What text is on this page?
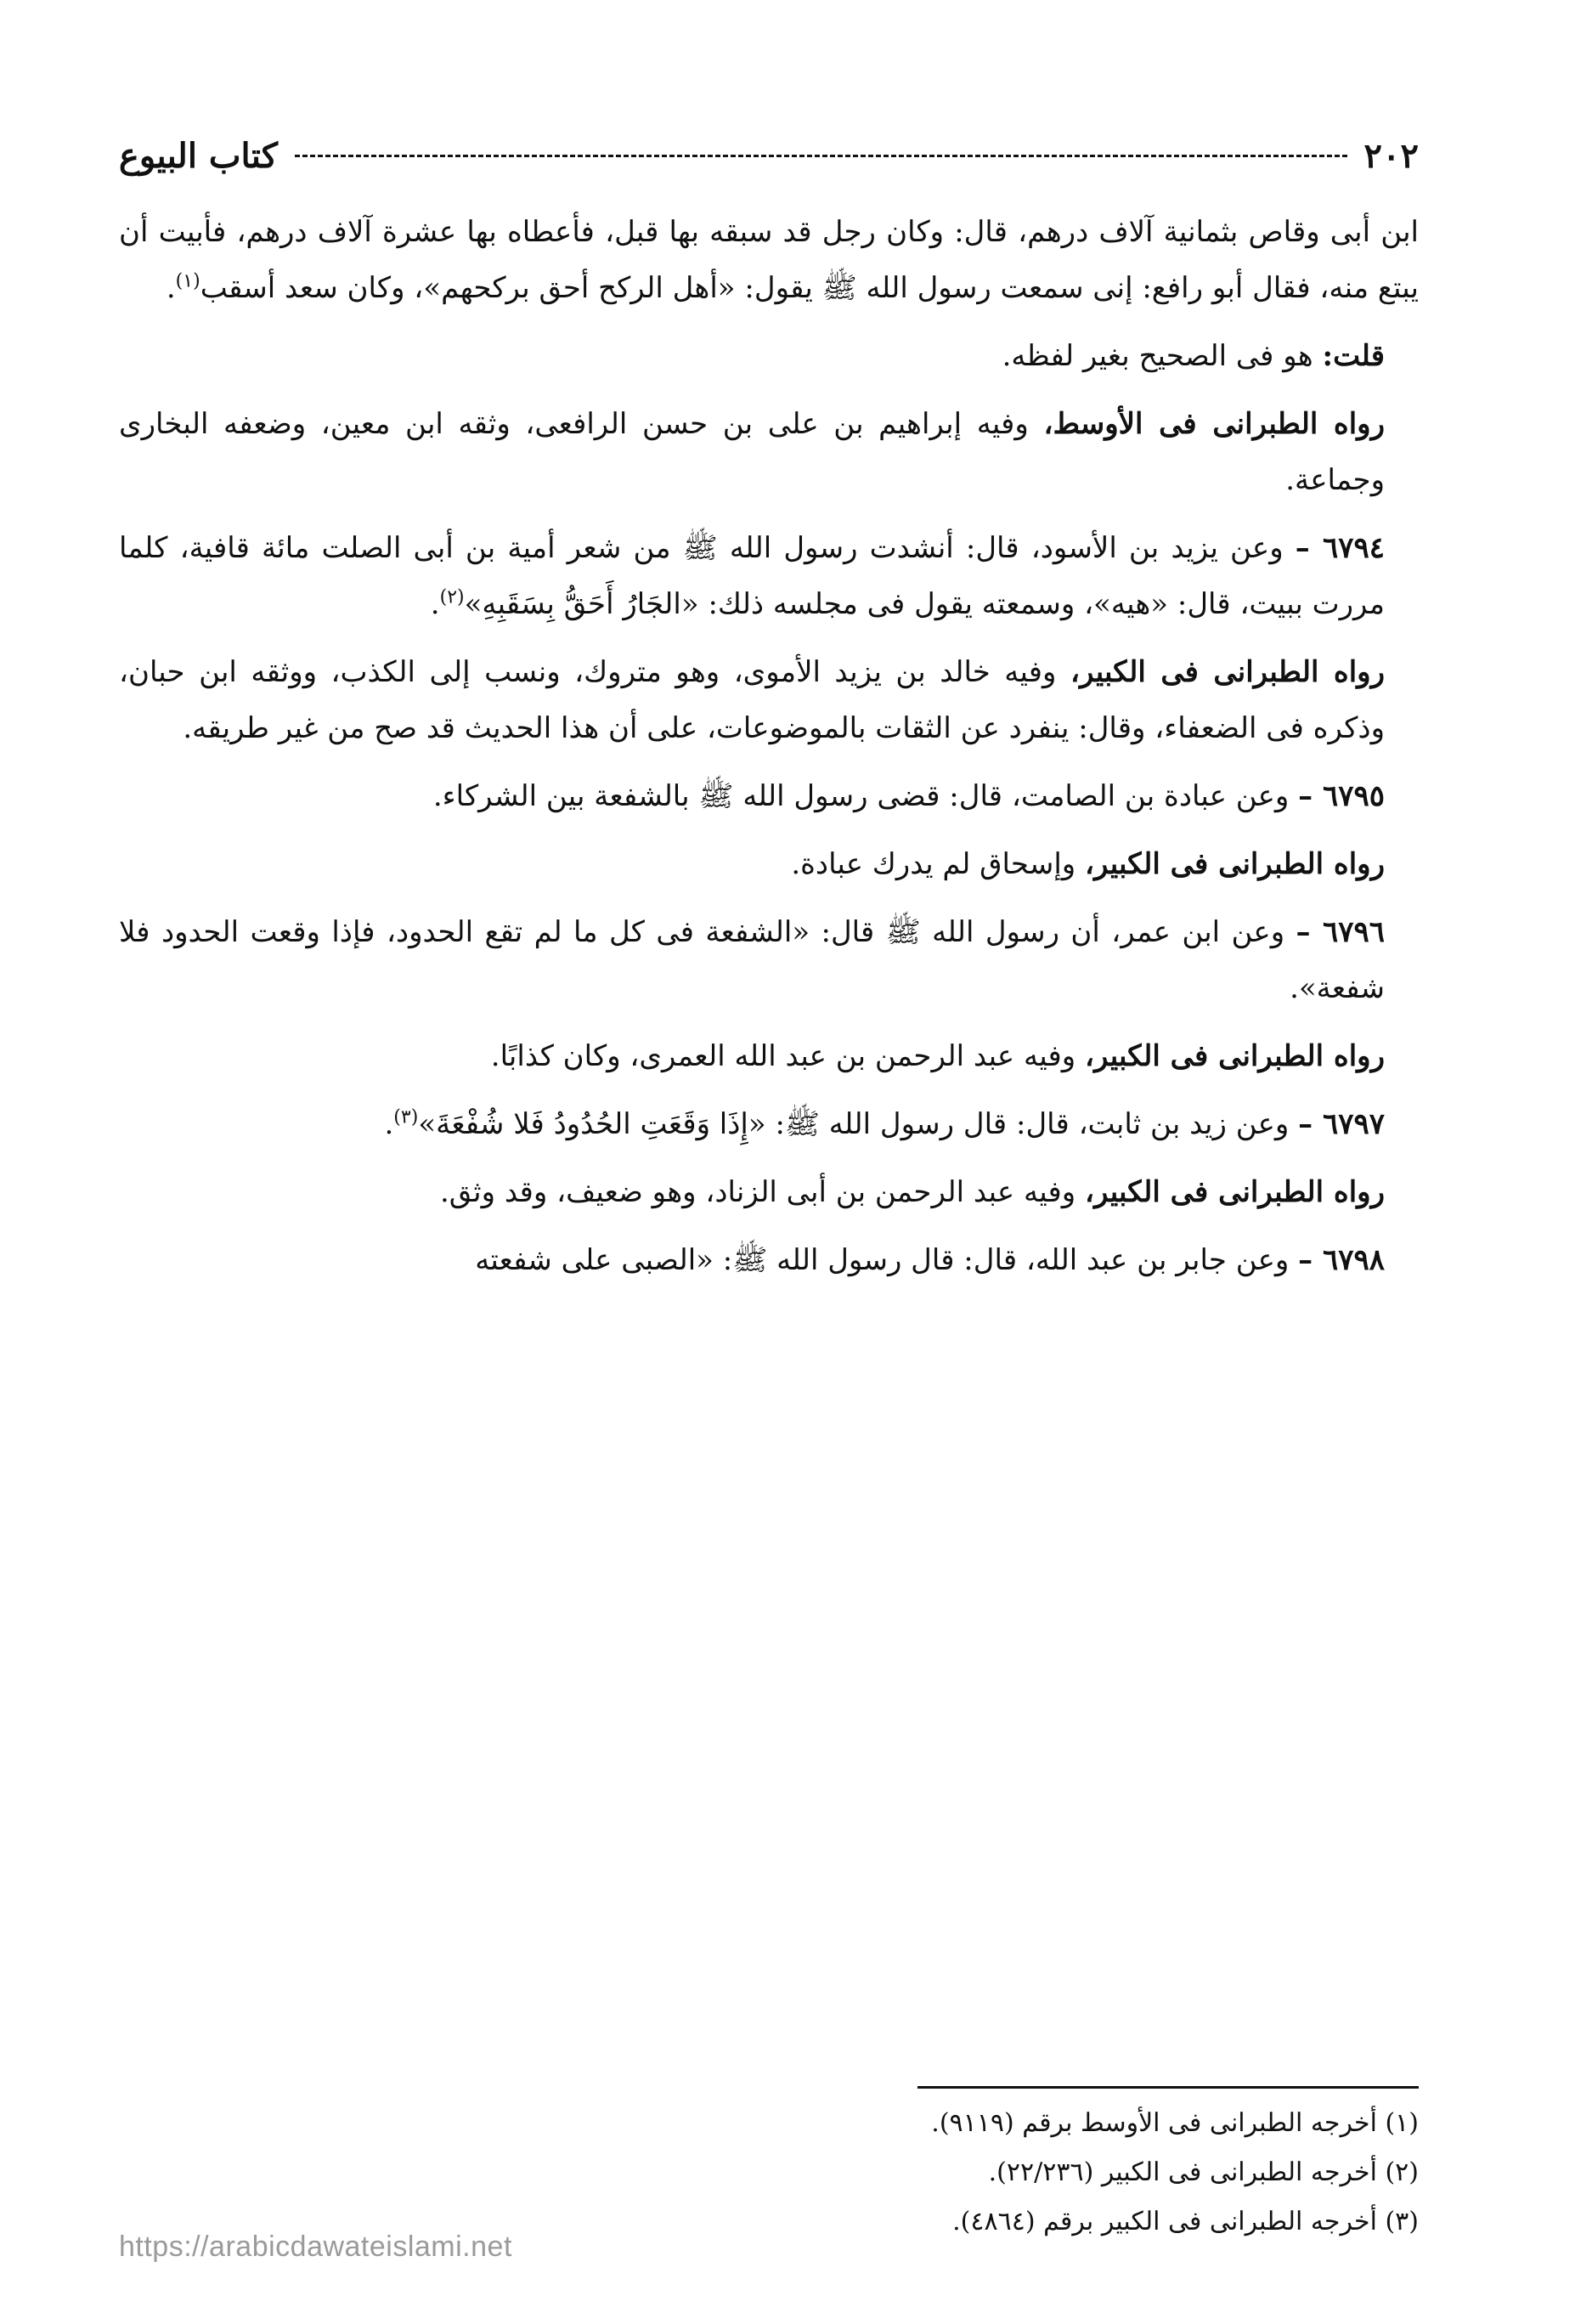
٢٠٢
كتاب البيوع

ابن أبى وقاص بثمانية آلاف درهم، قال: وكان رجل قد سبقه بها قبل، فأعطاه بها عشرة آلاف درهم، فأبيت أن يبتع منه، فقال أبو رافع: إنى سمعت رسول الله ﷺ يقول: «أهل الركح أحق بركحهم»، وكان سعد أسقب$^{(١)}$.

قلت: هو فى الصحيح بغير لفظه.

رواه الطبرانى فى الأوسط، وفيه إبراهيم بن على بن حسن الرافعى، وثقه ابن معين، وضعفه البخارى وجماعة.

٦٧٩٤ – وعن يزيد بن الأسود، قال: أنشدت رسول الله ﷺ من شعر أمية بن أبى الصلت مائة قافية، كلما مررت ببيت، قال: «هيه»، وسمعته يقول فى مجلسه ذلك: «الجَارُ أَحَقُّ بِسَقَبِهِ»$^{(٢)}$.

رواه الطبرانى فى الكبير، وفيه خالد بن يزيد الأموى، وهو متروك، ونسب إلى الكذب، ووثقه ابن حبان، وذكره فى الضعفاء، وقال: ينفرد عن الثقات بالموضوعات، على أن هذا الحديث قد صح من غير طريقه.

٦٧٩٥ – وعن عبادة بن الصامت، قال: قضى رسول الله ﷺ بالشفعة بين الشركاء.

رواه الطبرانى فى الكبير، وإسحاق لم يدرك عبادة.

٦٧٩٦ – وعن ابن عمر، أن رسول الله ﷺ قال: «الشفعة فى كل ما لم تقع الحدود، فإذا وقعت الحدود فلا شفعة».

رواه الطبرانى فى الكبير، وفيه عبد الرحمن بن عبد الله العمرى، وكان كذابًا.

٦٧٩٧ – وعن زيد بن ثابت، قال: قال رسول الله ﷺ: «إِذَا وَقَعَتِ الحُدُودُ فَلا شُفْعَةَ»$^{(٣)}$.

رواه الطبرانى فى الكبير، وفيه عبد الرحمن بن أبى الزناد، وهو ضعيف، وقد وثق.

٦٧٩٨ – وعن جابر بن عبد الله، قال: قال رسول الله ﷺ: «الصبى على شفعته

(١) أخرجه الطبرانى فى الأوسط برقم (٩١١٩).

(٢) أخرجه الطبرانى فى الكبير (٢٢/٢٣٦).

(٣) أخرجه الطبرانى فى الكبير برقم (٤٨٦٤).

https://arabicdawateislami.net
